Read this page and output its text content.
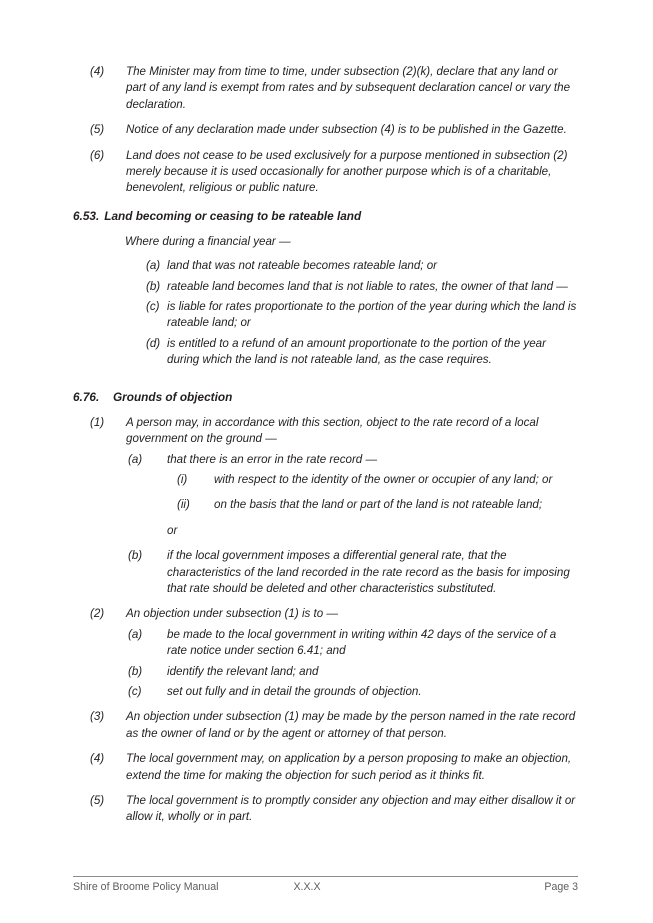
(4)	The Minister may from time to time, under subsection (2)(k), declare that any land or part of any land is exempt from rates and by subsequent declaration cancel or vary the declaration.
(5)	Notice of any declaration made under subsection (4) is to be published in the Gazette.
(6)	Land does not cease to be used exclusively for a purpose mentioned in subsection (2) merely because it is used occasionally for another purpose which is of a charitable, benevolent, religious or public nature.
6.53. Land becoming or ceasing to be rateable land
Where during a financial year —
(a) land that was not rateable becomes rateable land; or
(b) rateable land becomes land that is not liable to rates, the owner of that land —
(c) is liable for rates proportionate to the portion of the year during which the land is rateable land; or
(d) is entitled to a refund of an amount proportionate to the portion of the year during which the land is not rateable land, as the case requires.
6.76.	Grounds of objection
(1)	A person may, in accordance with this section, object to the rate record of a local government on the ground —
(a)	that there is an error in the rate record —
(i)	with respect to the identity of the owner or occupier of any land; or
(ii)	on the basis that the land or part of the land is not rateable land;
or
(b)	if the local government imposes a differential general rate, that the characteristics of the land recorded in the rate record as the basis for imposing that rate should be deleted and other characteristics substituted.
(2)	An objection under subsection (1) is to —
(a)	be made to the local government in writing within 42 days of the service of a rate notice under section 6.41; and
(b)	identify the relevant land; and
(c)	set out fully and in detail the grounds of objection.
(3)	An objection under subsection (1) may be made by the person named in the rate record as the owner of land or by the agent or attorney of that person.
(4)	The local government may, on application by a person proposing to make an objection, extend the time for making the objection for such period as it thinks fit.
(5)	The local government is to promptly consider any objection and may either disallow it or allow it, wholly or in part.
Shire of Broome Policy Manual	X.X.X	Page 3
